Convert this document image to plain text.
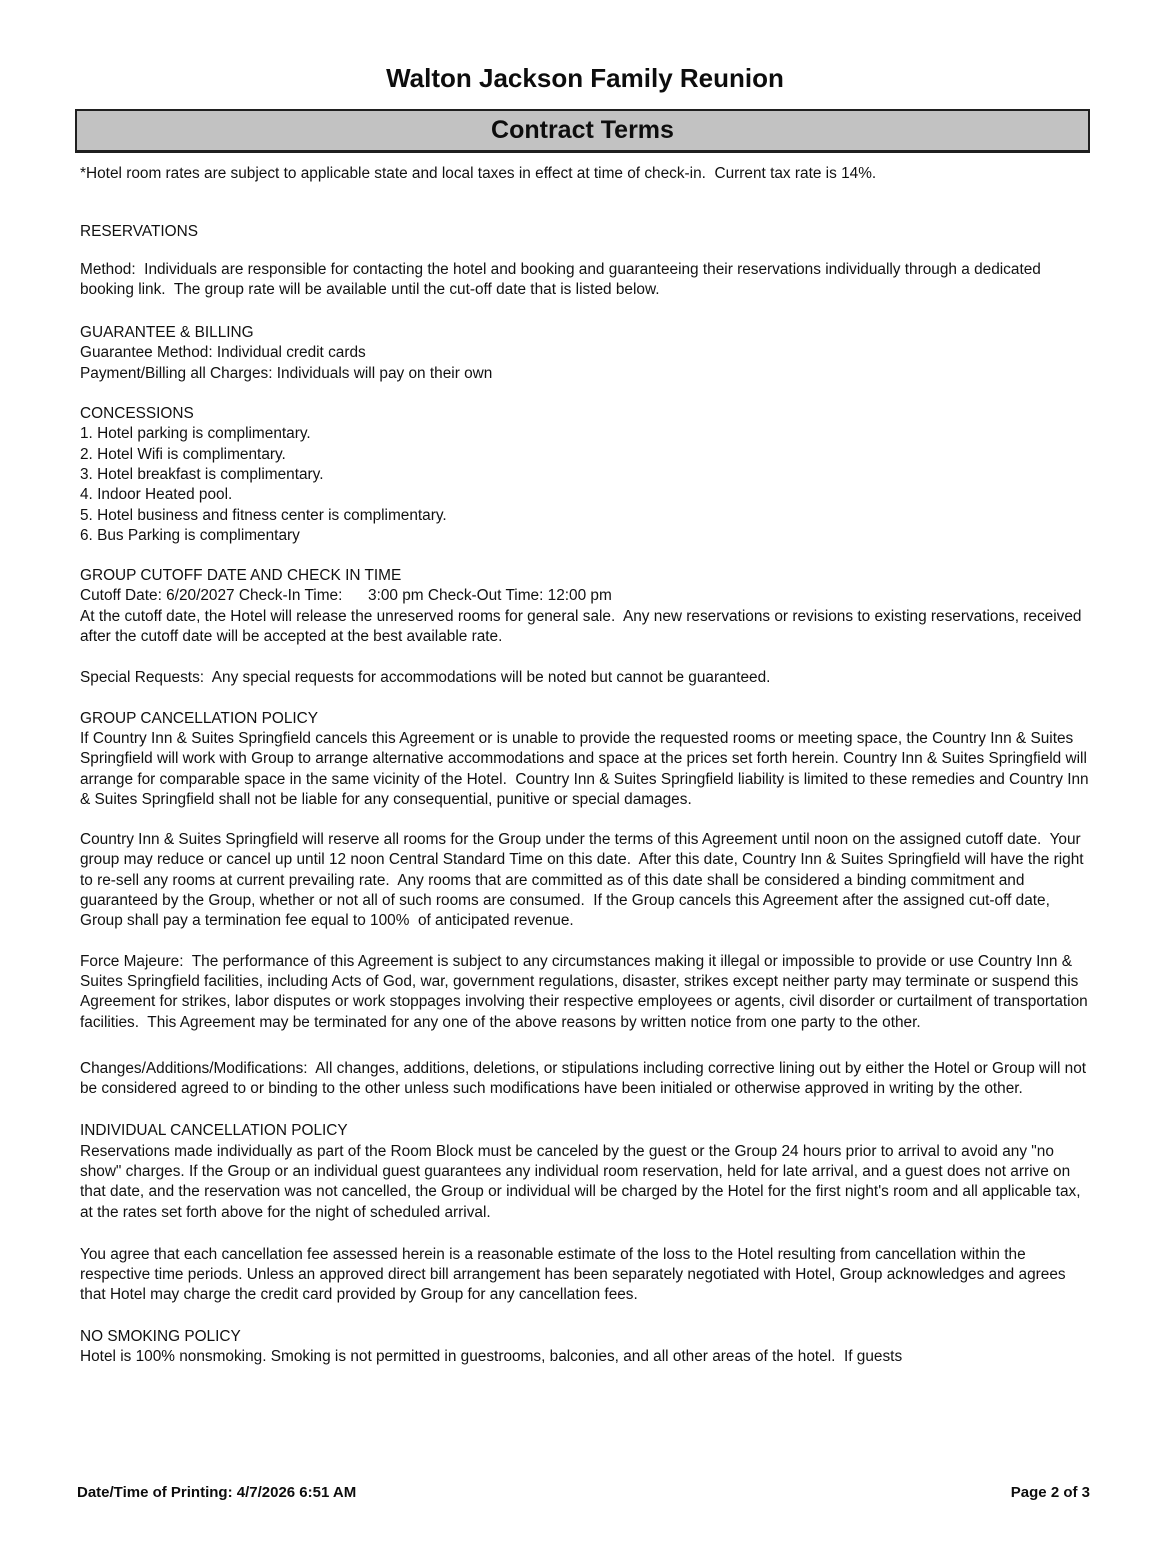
Walton Jackson Family Reunion
Contract Terms
*Hotel room rates are subject to applicable state and local taxes in effect at time of check-in.  Current tax rate is 14%.
RESERVATIONS
Method:  Individuals are responsible for contacting the hotel and booking and guaranteeing their reservations individually through a dedicated booking link.  The group rate will be available until the cut-off date that is listed below.
GUARANTEE & BILLING
Guarantee Method: Individual credit cards
Payment/Billing all Charges: Individuals will pay on their own
CONCESSIONS
1. Hotel parking is complimentary.
2. Hotel Wifi is complimentary.
3. Hotel breakfast is complimentary.
4. Indoor Heated pool.
5. Hotel business and fitness center is complimentary.
6. Bus Parking is complimentary
GROUP CUTOFF DATE AND CHECK IN TIME
Cutoff Date: 6/20/2027 Check-In Time:      3:00 pm Check-Out Time: 12:00 pm
At the cutoff date, the Hotel will release the unreserved rooms for general sale.  Any new reservations or revisions to existing reservations, received after the cutoff date will be accepted at the best available rate.
Special Requests:  Any special requests for accommodations will be noted but cannot be guaranteed.
GROUP CANCELLATION POLICY
If Country Inn & Suites Springfield cancels this Agreement or is unable to provide the requested rooms or meeting space, the Country Inn & Suites Springfield will work with Group to arrange alternative accommodations and space at the prices set forth herein. Country Inn & Suites Springfield will arrange for comparable space in the same vicinity of the Hotel.  Country Inn & Suites Springfield liability is limited to these remedies and Country Inn & Suites Springfield shall not be liable for any consequential, punitive or special damages.
Country Inn & Suites Springfield will reserve all rooms for the Group under the terms of this Agreement until noon on the assigned cutoff date.  Your group may reduce or cancel up until 12 noon Central Standard Time on this date.  After this date, Country Inn & Suites Springfield will have the right to re-sell any rooms at current prevailing rate.  Any rooms that are committed as of this date shall be considered a binding commitment and guaranteed by the Group, whether or not all of such rooms are consumed.  If the Group cancels this Agreement after the assigned cut-off date, Group shall pay a termination fee equal to 100%  of anticipated revenue.
Force Majeure:  The performance of this Agreement is subject to any circumstances making it illegal or impossible to provide or use Country Inn & Suites Springfield facilities, including Acts of God, war, government regulations, disaster, strikes except neither party may terminate or suspend this Agreement for strikes, labor disputes or work stoppages involving their respective employees or agents, civil disorder or curtailment of transportation facilities.  This Agreement may be terminated for any one of the above reasons by written notice from one party to the other.
Changes/Additions/Modifications:  All changes, additions, deletions, or stipulations including corrective lining out by either the Hotel or Group will not be considered agreed to or binding to the other unless such modifications have been initialed or otherwise approved in writing by the other.
INDIVIDUAL CANCELLATION POLICY
Reservations made individually as part of the Room Block must be canceled by the guest or the Group 24 hours prior to arrival to avoid any "no show" charges. If the Group or an individual guest guarantees any individual room reservation, held for late arrival, and a guest does not arrive on that date, and the reservation was not cancelled, the Group or individual will be charged by the Hotel for the first night's room and all applicable tax, at the rates set forth above for the night of scheduled arrival.
You agree that each cancellation fee assessed herein is a reasonable estimate of the loss to the Hotel resulting from cancellation within the respective time periods. Unless an approved direct bill arrangement has been separately negotiated with Hotel, Group acknowledges and agrees that Hotel may charge the credit card provided by Group for any cancellation fees.
NO SMOKING POLICY
Hotel is 100% nonsmoking. Smoking is not permitted in guestrooms, balconies, and all other areas of the hotel.  If guests
Date/Time of Printing: 4/7/2026 6:51 AM	Page 2 of 3
